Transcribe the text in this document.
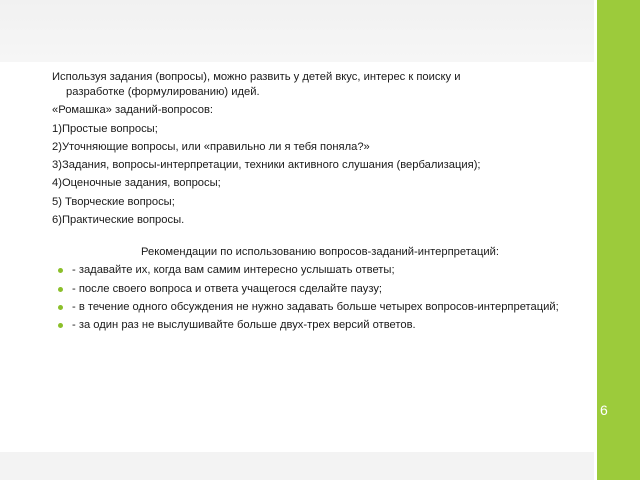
6

Используя задания (вопросы), можно развить у детей вкус, интерес к поиску и
разработке (формулированию) идей.

«Ромашка» заданий-вопросов:

1)Простые вопросы;

2)Уточняющие вопросы, или «правильно ли я тебя поняла?»

3)Задания, вопросы-интерпретации, техники активного слушания (вербализация);

4)Оценочные задания, вопросы;

5) Творческие вопросы;

6)Практические вопросы.

Рекомендации по использованию вопросов-заданий-интерпретаций:

- задавайте их, когда вам самим интересно услышать ответы;
- после своего вопроса и ответа учащегося сделайте паузу;
- в течение одного обсуждения не нужно задавать больше четырех вопросов-интерпретаций;
- за один раз не выслушивайте больше двух-трех версий ответов.
